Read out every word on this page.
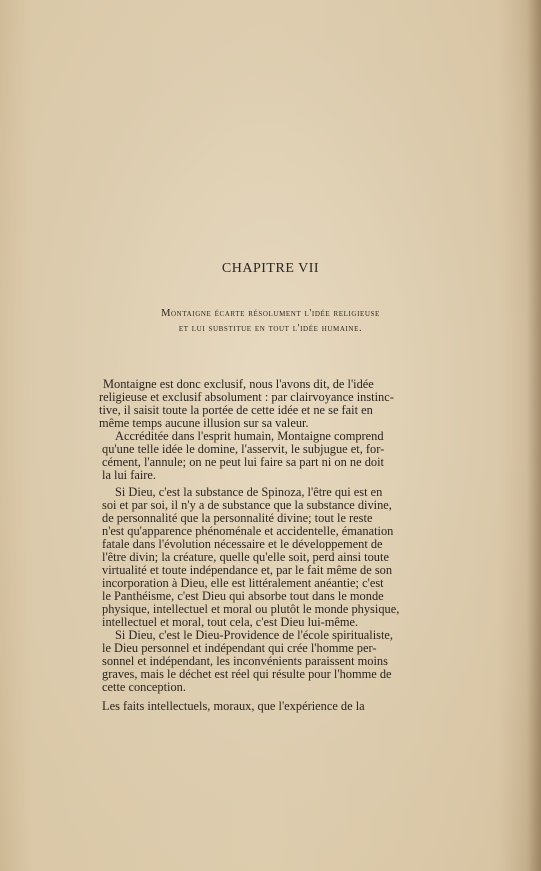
CHAPITRE VII
Montaigne écarte résolument l'idée religieuse
et lui substitue en tout l'idée humaine.
Montaigne est donc exclusif, nous l'avons dit, de l'idée
religieuse et exclusif absolument : par clairvoyance instinc-
tive, il saisit toute la portée de cette idée et ne se fait en
même temps aucune illusion sur sa valeur.
Accréditée dans l'esprit humain, Montaigne comprend
qu'une telle idée le domine, l'asservit, le subjugue et, for-
cément, l'annule; on ne peut lui faire sa part ni on ne doit
la lui faire.
Si Dieu, c'est la substance de Spinoza, l'être qui est en
soi et par soi, il n'y a de substance que la substance divine,
de personnalité que la personnalité divine; tout le reste
n'est qu'apparence phénoménale et accidentelle, émanation
fatale dans l'évolution nécessaire et le développement de
l'être divin; la créature, quelle qu'elle soit, perd ainsi toute
virtualité et toute indépendance et, par le fait même de son
incorporation à Dieu, elle est littéralement anéantie; c'est
le Panthéisme, c'est Dieu qui absorbe tout dans le monde
physique, intellectuel et moral ou plutôt le monde physique,
intellectuel et moral, tout cela, c'est Dieu lui-même.
Si Dieu, c'est le Dieu-Providence de l'école spiritualiste,
le Dieu personnel et indépendant qui crée l'homme per-
sonnel et indépendant, les inconvénients paraissent moins
graves, mais le déchet est réel qui résulte pour l'homme de
cette conception.
Les faits intellectuels, moraux, que l'expérience de la
